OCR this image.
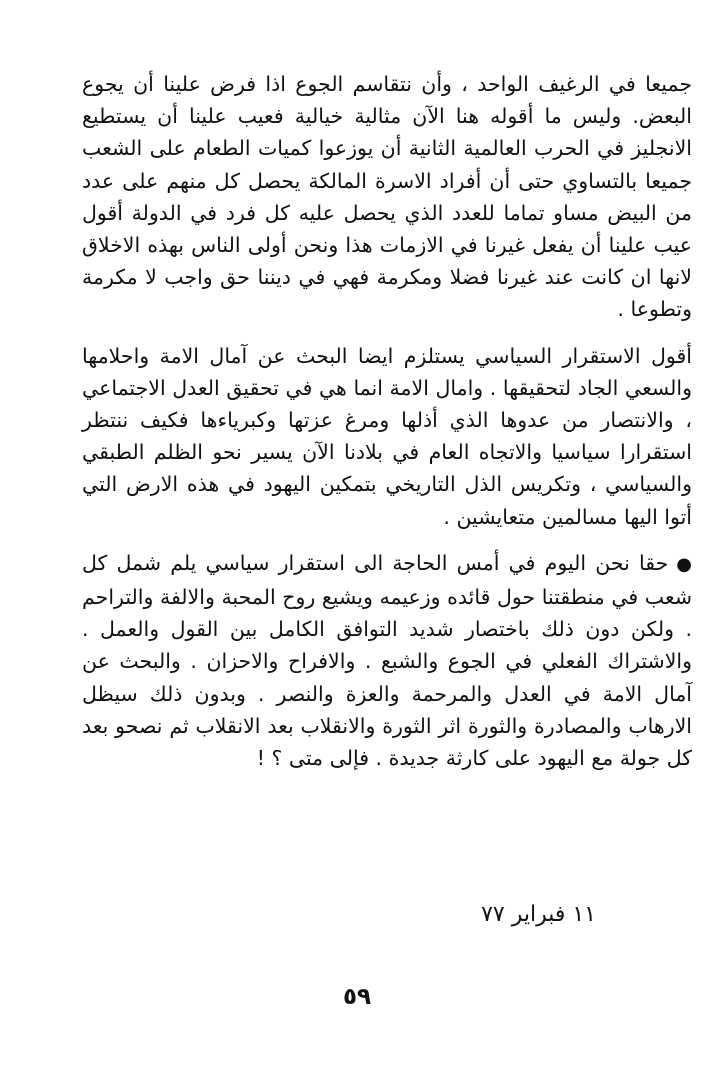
جميعا في الرغيف الواحد ، وأن نتقاسم الجوع اذا فرض علينا أن يجوع البعض. وليس ما أقوله هنا الآن مثالية خيالية فعيب علينا أن يستطيع الانجليز في الحرب العالمية الثانية أن يوزعوا كميات الطعام على الشعب جميعا بالتساوي حتى أن أفراد الاسرة المالكة يحصل كل منهم على عدد من البيض مساو تماما للعدد الذي يحصل عليه كل فرد في الدولة أقول عيب علينا أن يفعل غيرنا في الازمات هذا ونحن أولى الناس بهذه الاخلاق لانها ان كانت عند غيرنا فضلا ومكرمة فهي في ديننا حق واجب لا مكرمة وتطوعا .

أقول الاستقرار السياسي يستلزم ايضا البحث عن آمال الامة واحلامها والسعي الجاد لتحقيقها . وامال الامة انما هي في تحقيق العدل الاجتماعي ، والانتصار من عدوها الذي أذلها ومرغ عزتها وكبرياءها فكيف ننتظر استقرارا سياسيا والاتجاه العام في بلادنا الآن يسير نحو الظلم الطبقي والسياسي ، وتكريس الذل التاريخي بتمكين اليهود في هذه الارض التي أتوا اليها مسالمين متعايشين .

●حقا نحن اليوم في أمس الحاجة الى استقرار سياسي يلم شمل كل شعب في منطقتنا حول قائده وزعيمه ويشيع روح المحبة والالفة والتراحم . ولكن دون ذلك باختصار شديد التوافق الكامل بين القول والعمل . والاشتراك الفعلي في الجوع والشبع . والافراح والاحزان . والبحث عن آمال الامة في العدل والمرحمة والعزة والنصر . وبدون ذلك سيظل الارهاب والمصادرة والثورة اثر الثورة والانقلاب بعد الانقلاب ثم نصحو بعد كل جولة مع اليهود على كارثة جديدة . فإلى متى ؟ !

١١ فبراير ٧٧
٥٩
